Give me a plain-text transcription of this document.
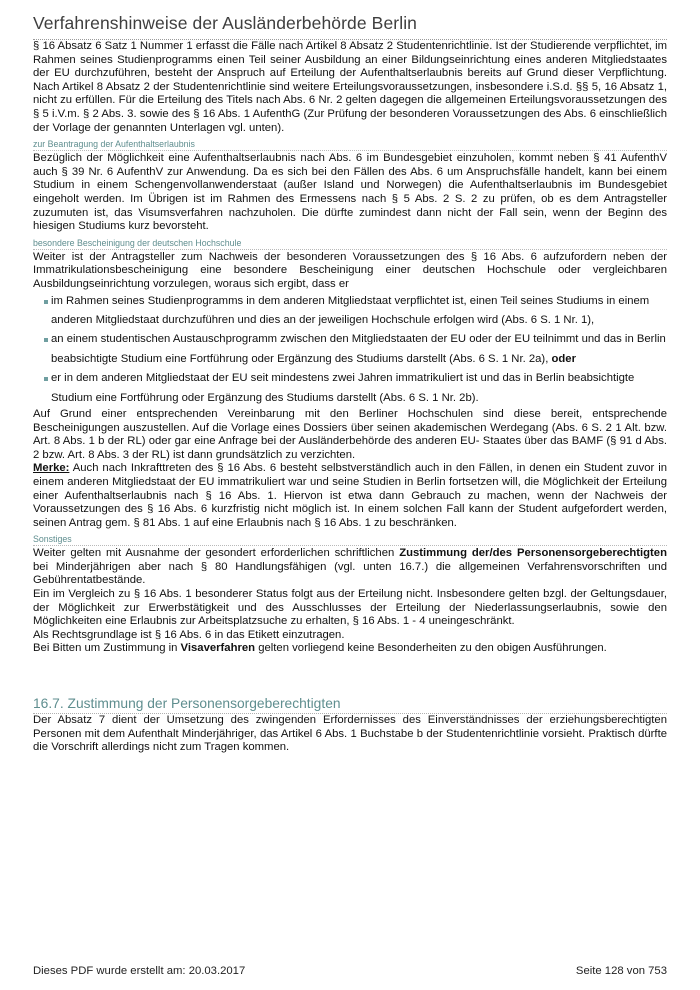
Verfahrenshinweise der Ausländerbehörde Berlin

§ 16 Absatz 6 Satz 1 Nummer 1 erfasst die Fälle nach Artikel 8 Absatz 2 Studentenrichtlinie. Ist der Studierende verpflichtet, im Rahmen seines Studienprogramms einen Teil seiner Ausbildung an einer Bildungseinrichtung eines anderen Mitgliedstaates der EU durchzuführen, besteht der Anspruch auf Erteilung der Aufenthaltserlaubnis bereits auf Grund dieser Verpflichtung. Nach Artikel 8 Absatz 2 der Studentenrichtlinie sind weitere Erteilungsvoraussetzungen, insbesondere i.S.d. §§ 5, 16 Absatz 1, nicht zu erfüllen. Für die Erteilung des Titels nach Abs. 6 Nr. 2 gelten dagegen die allgemeinen Erteilungsvoraussetzungen des § 5 i.V.m. § 2 Abs. 3. sowie des § 16 Abs. 1 AufenthG (Zur Prüfung der besonderen Voraussetzungen des Abs. 6 einschließlich der Vorlage der genannten Unterlagen vgl. unten).

zur Beantragung der Aufenthaltserlaubnis

Bezüglich der Möglichkeit eine Aufenthaltserlaubnis nach Abs. 6 im Bundesgebiet einzuholen, kommt neben § 41 AufenthV auch § 39 Nr. 6 AufenthV zur Anwendung. Da es sich bei den Fällen des Abs. 6 um Anspruchsfälle handelt, kann bei einem Studium in einem Schengenvollanwenderstaat (außer Island und Norwegen) die Aufenthaltserlaubnis im Bundesgebiet eingeholt werden. Im Übrigen ist im Rahmen des Ermessens nach § 5 Abs. 2 S. 2 zu prüfen, ob es dem Antragsteller zuzumuten ist, das Visumsverfahren nachzuholen. Die dürfte zumindest dann nicht der Fall sein, wenn der Beginn des hiesigen Studiums kurz bevorsteht.

besondere Bescheinigung der deutschen Hochschule

Weiter ist der Antragsteller zum Nachweis der besonderen Voraussetzungen des § 16 Abs. 6 aufzufordern neben der Immatrikulationsbescheinigung eine besondere Bescheinigung einer deutschen Hochschule oder vergleichbaren Ausbildungseinrichtung vorzulegen, woraus sich ergibt, dass er

im Rahmen seines Studienprogramms in dem anderen Mitgliedstaat verpflichtet ist, einen Teil seines Studiums in einem anderen Mitgliedstaat durchzuführen und dies an der jeweiligen Hochschule erfolgen wird (Abs. 6 S. 1 Nr. 1),
an einem studentischen Austauschprogramm zwischen den Mitgliedstaaten der EU oder der EU teilnimmt und das in Berlin beabsichtigte Studium eine Fortführung oder Ergänzung des Studiums darstellt (Abs. 6 S. 1 Nr. 2a), oder
er in dem anderen Mitgliedstaat der EU seit mindestens zwei Jahren immatrikuliert ist und das in Berlin beabsichtigte Studium eine Fortführung oder Ergänzung des Studiums darstellt (Abs. 6 S. 1 Nr. 2b).

Auf Grund einer entsprechenden Vereinbarung mit den Berliner Hochschulen sind diese bereit, entsprechende Bescheinigungen auszustellen. Auf die Vorlage eines Dossiers über seinen akademischen Werdegang (Abs. 6 S. 2 1 Alt. bzw. Art. 8 Abs. 1 b der RL) oder gar eine Anfrage bei der Ausländerbehörde des anderen EU- Staates über das BAMF (§ 91 d Abs. 2 bzw. Art. 8 Abs. 3 der RL) ist dann grundsätzlich zu verzichten.

Merke: Auch nach Inkrafttreten des § 16 Abs. 6 besteht selbstverständlich auch in den Fällen, in denen ein Student zuvor in einem anderen Mitgliedstaat der EU immatrikuliert war und seine Studien in Berlin fortsetzen will, die Möglichkeit der Erteilung einer Aufenthaltserlaubnis nach § 16 Abs. 1. Hiervon ist etwa dann Gebrauch zu machen, wenn der Nachweis der Voraussetzungen des § 16 Abs. 6 kurzfristig nicht möglich ist. In einem solchen Fall kann der Student aufgefordert werden, seinen Antrag gem. § 81 Abs. 1 auf eine Erlaubnis nach § 16 Abs. 1 zu beschränken.

Sonstiges

Weiter gelten mit Ausnahme der gesondert erforderlichen schriftlichen Zustimmung der/des Personensorgeberechtigten bei Minderjährigen aber nach § 80 Handlungsfähigen (vgl. unten 16.7.) die allgemeinen Verfahrensvorschriften und Gebührentatbestände.

Ein im Vergleich zu § 16 Abs. 1 besonderer Status folgt aus der Erteilung nicht. Insbesondere gelten bzgl. der Geltungsdauer, der Möglichkeit zur Erwerbstätigkeit und des Ausschlusses der Erteilung der Niederlassungserlaubnis, sowie den Möglichkeiten eine Erlaubnis zur Arbeitsplatzsuche zu erhalten, § 16 Abs. 1 - 4 uneingeschränkt.

Als Rechtsgrundlage ist § 16 Abs. 6 in das Etikett einzutragen.

Bei Bitten um Zustimmung in Visaverfahren gelten vorliegend keine Besonderheiten zu den obigen Ausführungen.

16.7. Zustimmung der Personensorgeberechtigten

Der Absatz 7 dient der Umsetzung des zwingenden Erfordernisses des Einverständnisses der erziehungsberechtigten Personen mit dem Aufenthalt Minderjähriger, das Artikel 6 Abs. 1 Buchstabe b der Studentenrichtlinie vorsieht. Praktisch dürfte die Vorschrift allerdings nicht zum Tragen kommen.

Dieses PDF wurde erstellt am: 20.03.2017	Seite 128 von 753
